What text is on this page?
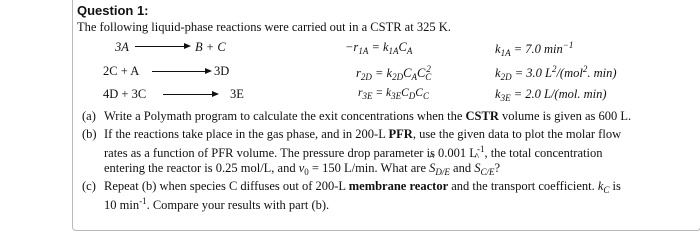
Question 1:
The following liquid-phase reactions were carried out in a CSTR at 325 K.
3A	B + C	$-r_{1A} = k_{1A}C_A$	$k_{1A} = 7.0$ $\min^{-1}$
2C + A	3D	$r_{2D} = k_{2D}C_AC_C^2$	$k_{2D} = 3.0$ $L^2/(mol^2$. min)
4D + 3C	3E	$r_{3E} = k_{3E}C_DC_C$	$k_{3E} = 2.0$ L/(mol. min)
(a) Write a Polymath program to calculate the exit concentrations when the CSTR volume is given as 600 L.
(b) If the reactions take place in the gas phase, and in 200-L PFR, use the given data to plot the molar flow
rates as a function of PFR volume. The pressure drop parameter is 0.001 $L^{-1}$, the total concentration
entering the reactor is 0.25 mol/L, and $v_0 = 150$ L/min. What are ^ $S_{D/E}$ and ^ $S_{C/E}$?
(c) Repeat (b) when species C diffuses out of 200-L membrane reactor and the transport coefficient. $k_C$ is
10 $\min^{-1}$. Compare your results with part (b).
